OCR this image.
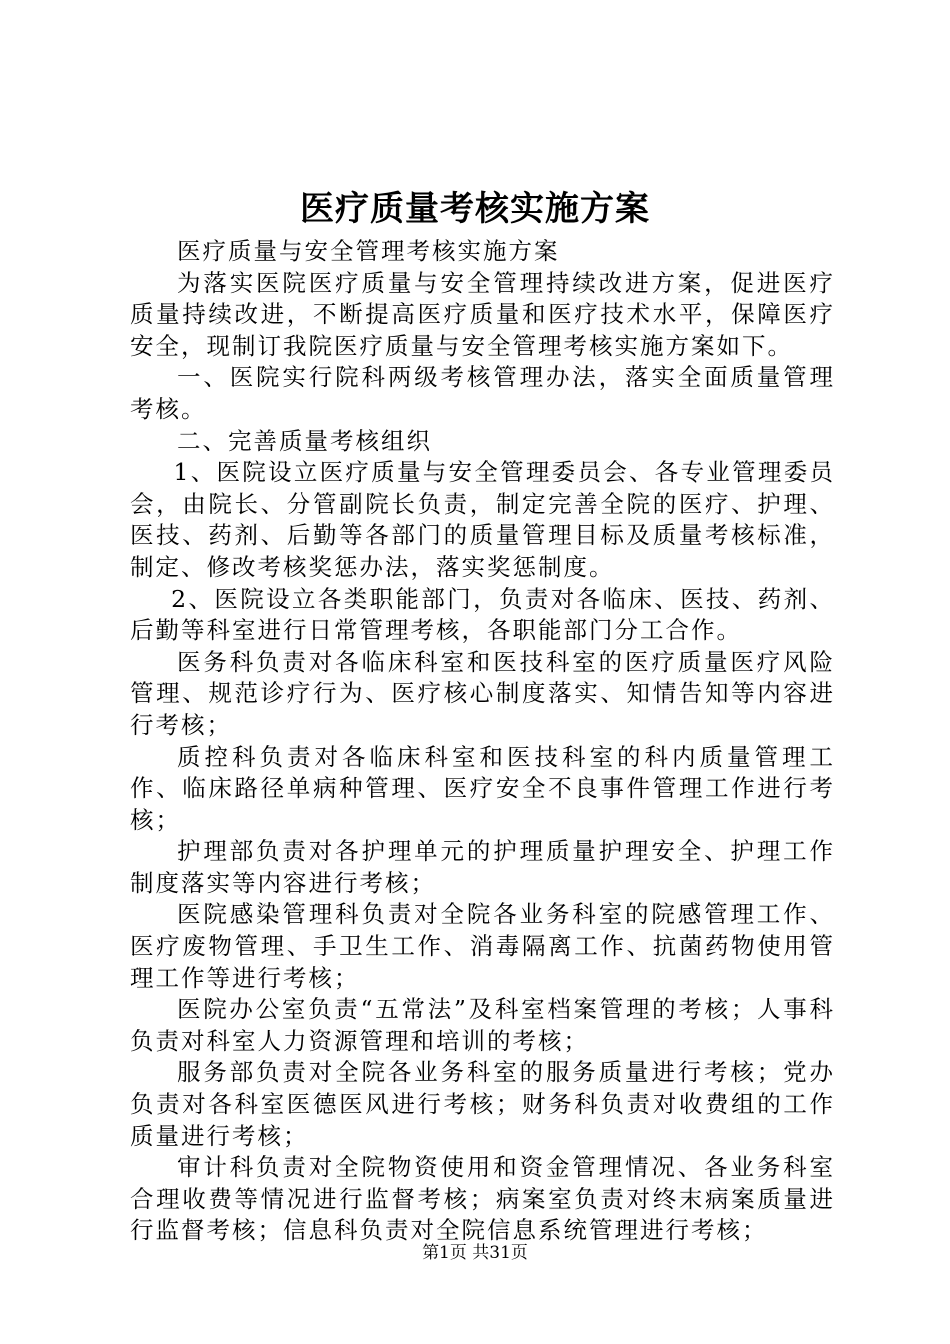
医疗质量考核实施方案

医疗质量与安全管理考核实施方案

为落实医院医疗质量与安全管理持续改进方案，促进医疗质量持续改进，不断提高医疗质量和医疗技术水平，保障医疗安全，现制订我院医疗质量与安全管理考核实施方案如下。

一、医院实行院科两级考核管理办法，落实全面质量管理考核。

二、完善质量考核组织

1、医院设立医疗质量与安全管理委员会、各专业管理委员会，由院长、分管副院长负责，制定完善全院的医疗、护理、医技、药剂、后勤等各部门的质量管理目标及质量考核标准，制定、修改考核奖惩办法，落实奖惩制度。

2、医院设立各类职能部门，负责对各临床、医技、药剂、后勤等科室进行日常管理考核，各职能部门分工合作。

医务科负责对各临床科室和医技科室的医疗质量医疗风险管理、规范诊疗行为、医疗核心制度落实、知情告知等内容进行考核；

质控科负责对各临床科室和医技科室的科内质量管理工作、临床路径单病种管理、医疗安全不良事件管理工作进行考核；

护理部负责对各护理单元的护理质量护理安全、护理工作制度落实等内容进行考核；

医院感染管理科负责对全院各业务科室的院感管理工作、医疗废物管理、手卫生工作、消毒隔离工作、抗菌药物使用管理工作等进行考核；

医院办公室负责“五常法”及科室档案管理的考核；人事科负责对科室人力资源管理和培训的考核；

服务部负责对全院各业务科室的服务质量进行考核；党办负责对各科室医德医风进行考核；财务科负责对收费组的工作质量进行考核；

审计科负责对全院物资使用和资金管理情况、各业务科室合理收费等情况进行监督考核；病案室负责对终末病案质量进行监督考核；信息科负责对全院信息系统管理进行考核；

第1页 共31页
